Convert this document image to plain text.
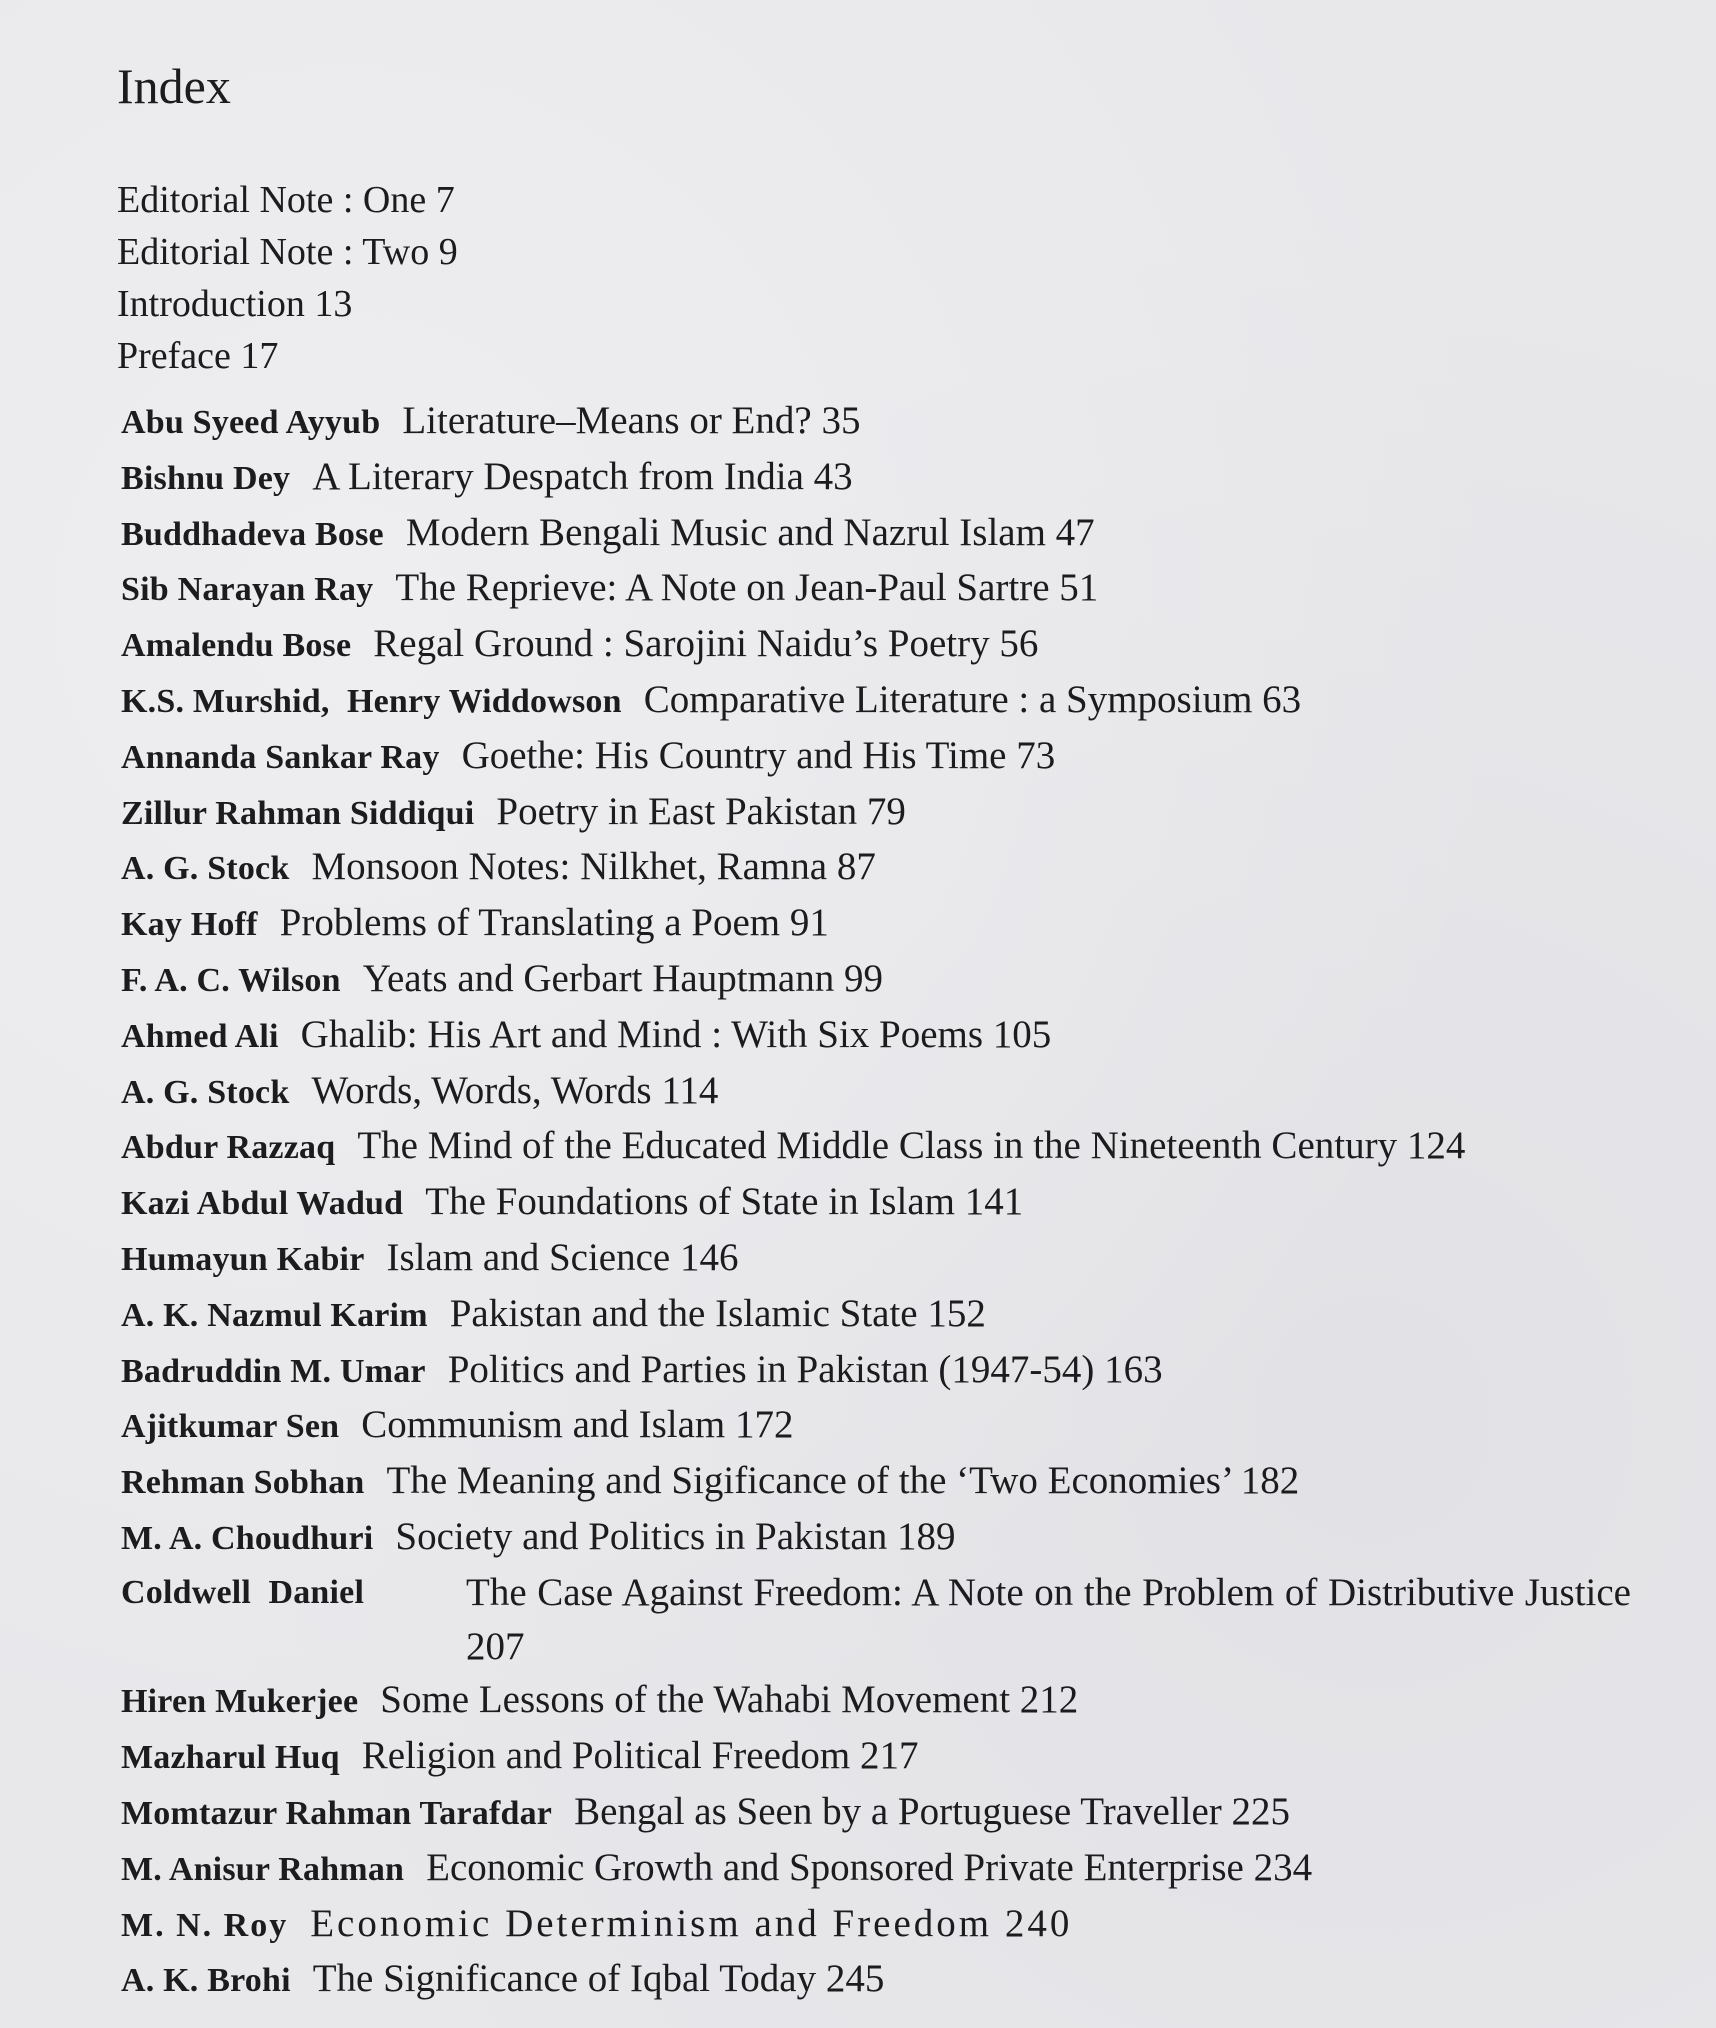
Index
Editorial Note : One 7
Editorial Note : Two 9
Introduction 13
Preface 17
Abu Syeed Ayyub Literature–Means or End? 35
Bishnu Dey A Literary Despatch from India 43
Buddhadeva Bose Modern Bengali Music and Nazrul Islam 47
Sib Narayan Ray The Reprieve: A Note on Jean-Paul Sartre 51
Amalendu Bose Regal Ground : Sarojini Naidu’s Poetry 56
K.S. Murshid,  Henry Widdowson Comparative Literature : a Symposium 63
Annanda Sankar Ray Goethe: His Country and His Time 73
Zillur Rahman Siddiqui Poetry in East Pakistan 79
A. G. Stock Monsoon Notes: Nilkhet, Ramna 87
Kay Hoff Problems of Translating a Poem 91
F. A. C. Wilson Yeats and Gerbart Hauptmann 99
Ahmed Ali Ghalib: His Art and Mind : With Six Poems 105
A. G. Stock Words, Words, Words 114
Abdur Razzaq The Mind of the Educated Middle Class in the Nineteenth Century 124
Kazi Abdul Wadud The Foundations of State in Islam 141
Humayun Kabir Islam and Science 146
A. K. Nazmul Karim Pakistan and the Islamic State 152
Badruddin M. Umar Politics and Parties in Pakistan (1947-54) 163
Ajitkumar Sen Communism and Islam 172
Rehman Sobhan The Meaning and Sigificance of the ‘Two Economies’ 182
M. A. Choudhuri Society and Politics in Pakistan 189
Coldwell  Daniel	The Case Against Freedom: A Note on the Problem of Distributive Justice 207
Hiren Mukerjee Some Lessons of the Wahabi Movement 212
Mazharul Huq Religion and Political Freedom 217
Momtazur Rahman Tarafdar Bengal as Seen by a Portuguese Traveller 225
M. Anisur Rahman Economic Growth and Sponsored Private Enterprise 234
M. N. Roy Economic Determinism and Freedom 240
A. K. Brohi The Significance of Iqbal Today 245
